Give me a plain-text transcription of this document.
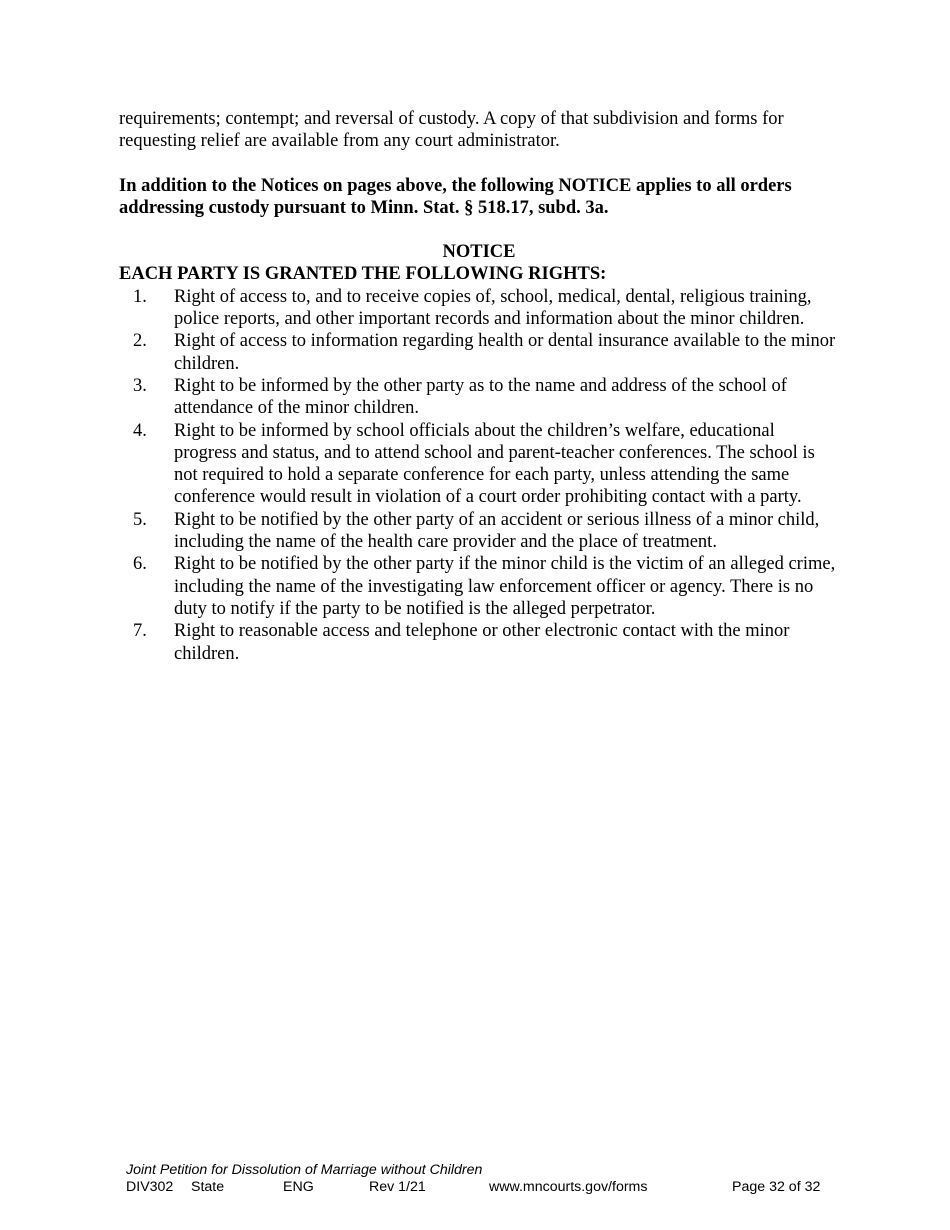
requirements; contempt; and reversal of custody. A copy of that subdivision and forms for requesting relief are available from any court administrator.

In addition to the Notices on pages above, the following NOTICE applies to all orders addressing custody pursuant to Minn. Stat. § 518.17, subd. 3a.

NOTICE

EACH PARTY IS GRANTED THE FOLLOWING RIGHTS:

1. Right of access to, and to receive copies of, school, medical, dental, religious training, police reports, and other important records and information about the minor children.
2. Right of access to information regarding health or dental insurance available to the minor children.
3. Right to be informed by the other party as to the name and address of the school of attendance of the minor children.
4. Right to be informed by school officials about the children’s welfare, educational progress and status, and to attend school and parent-teacher conferences. The school is not required to hold a separate conference for each party, unless attending the same conference would result in violation of a court order prohibiting contact with a party.
5. Right to be notified by the other party of an accident or serious illness of a minor child, including the name of the health care provider and the place of treatment.
6. Right to be notified by the other party if the minor child is the victim of an alleged crime, including the name of the investigating law enforcement officer or agency. There is no duty to notify if the party to be notified is the alleged perpetrator.
7. Right to reasonable access and telephone or other electronic contact with the minor children.
Joint Petition for Dissolution of Marriage without Children
DIV302 State	ENG	Rev 1/21	www.mncourts.gov/forms	Page 32 of 32
